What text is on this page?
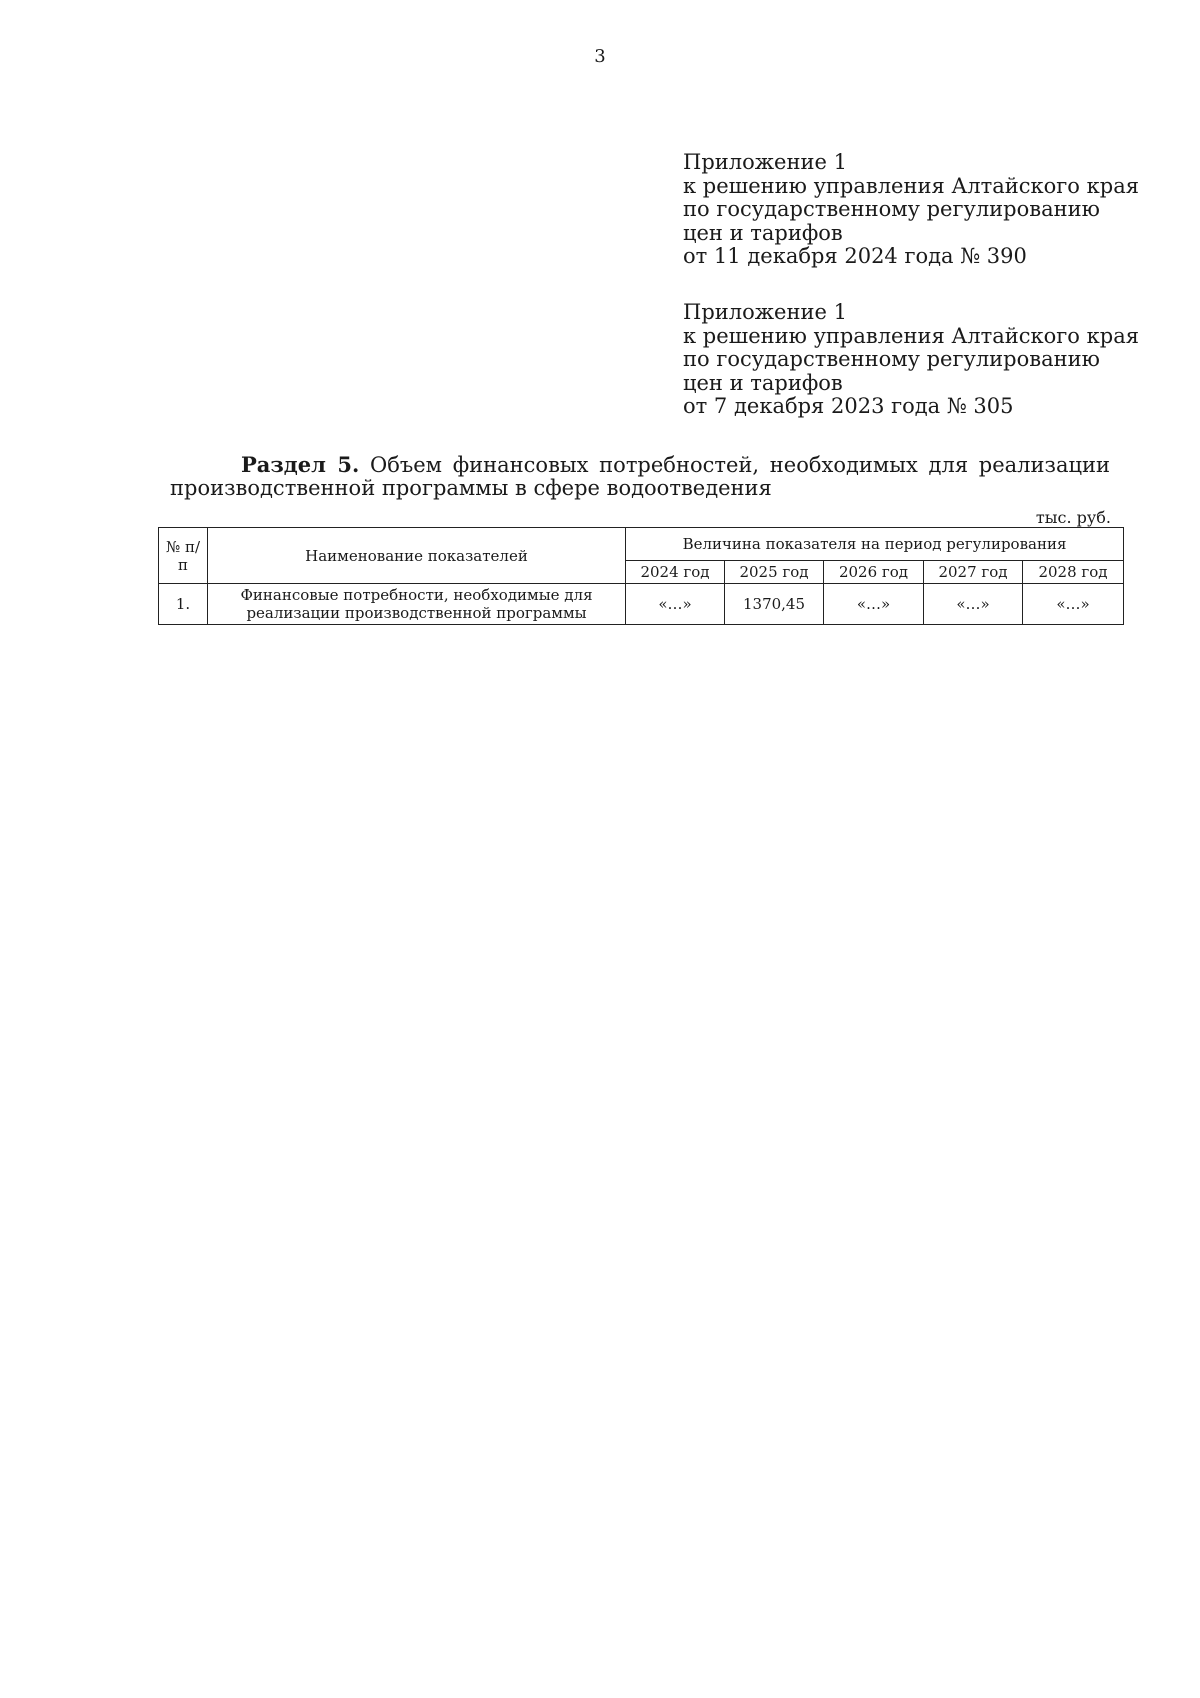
3
Приложение 1
к решению управления Алтайского края
по государственному регулированию
цен и тарифов
от 11 декабря 2024 года № 390
Приложение 1
к решению управления Алтайского края
по государственному регулированию
цен и тарифов
от 7 декабря 2023 года № 305
Раздел 5. Объем финансовых потребностей, необходимых для реализации
производственной программы в сфере водоотведения
тыс. руб.
№ п/п	Наименование показателей	Величина показателя на период регулирования				
		2024 год	2025 год	2026 год	2027 год	2028 год
1.	Финансовые потребности, необходимые для реализации производственной программы	«…»	1370,45	«…»	«…»	«…»
